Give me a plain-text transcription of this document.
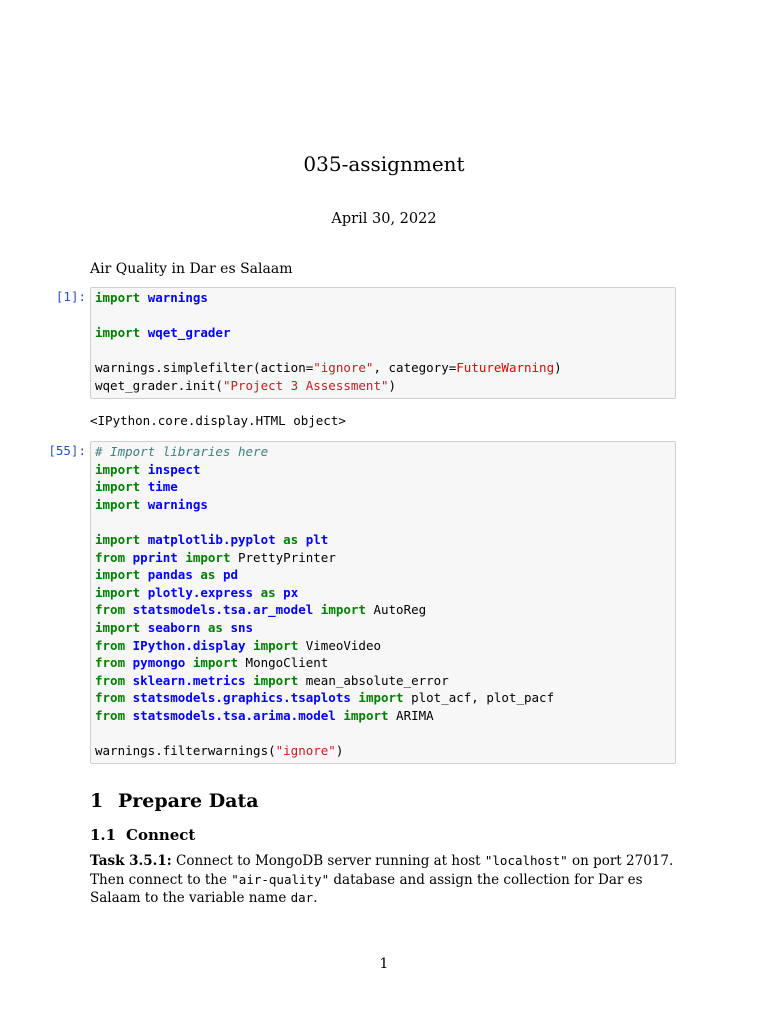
035-assignment
April 30, 2022
Air Quality in Dar es Salaam
[1]: import warnings
import wqet_grader
warnings.simplefilter(action="ignore", category=FutureWarning)
wqet_grader.init("Project 3 Assessment")
<IPython.core.display.HTML object>
[55]: # Import libraries here
import inspect
import time
import warnings
import matplotlib.pyplot as plt
from pprint import PrettyPrinter
import pandas as pd
import plotly.express as px
from statsmodels.tsa.ar_model import AutoReg
import seaborn as sns
from IPython.display import VimeoVideo
from pymongo import MongoClient
from sklearn.metrics import mean_absolute_error
from statsmodels.graphics.tsaplots import plot_acf, plot_pacf
from statsmodels.tsa.arima.model import ARIMA
warnings.filterwarnings("ignore")
1 Prepare Data
1.1 Connect
Task 3.5.1: Connect to MongoDB server running at host "localhost" on port 27017. Then connect to the "air-quality" database and assign the collection for Dar es Salaam to the variable name dar.
1
